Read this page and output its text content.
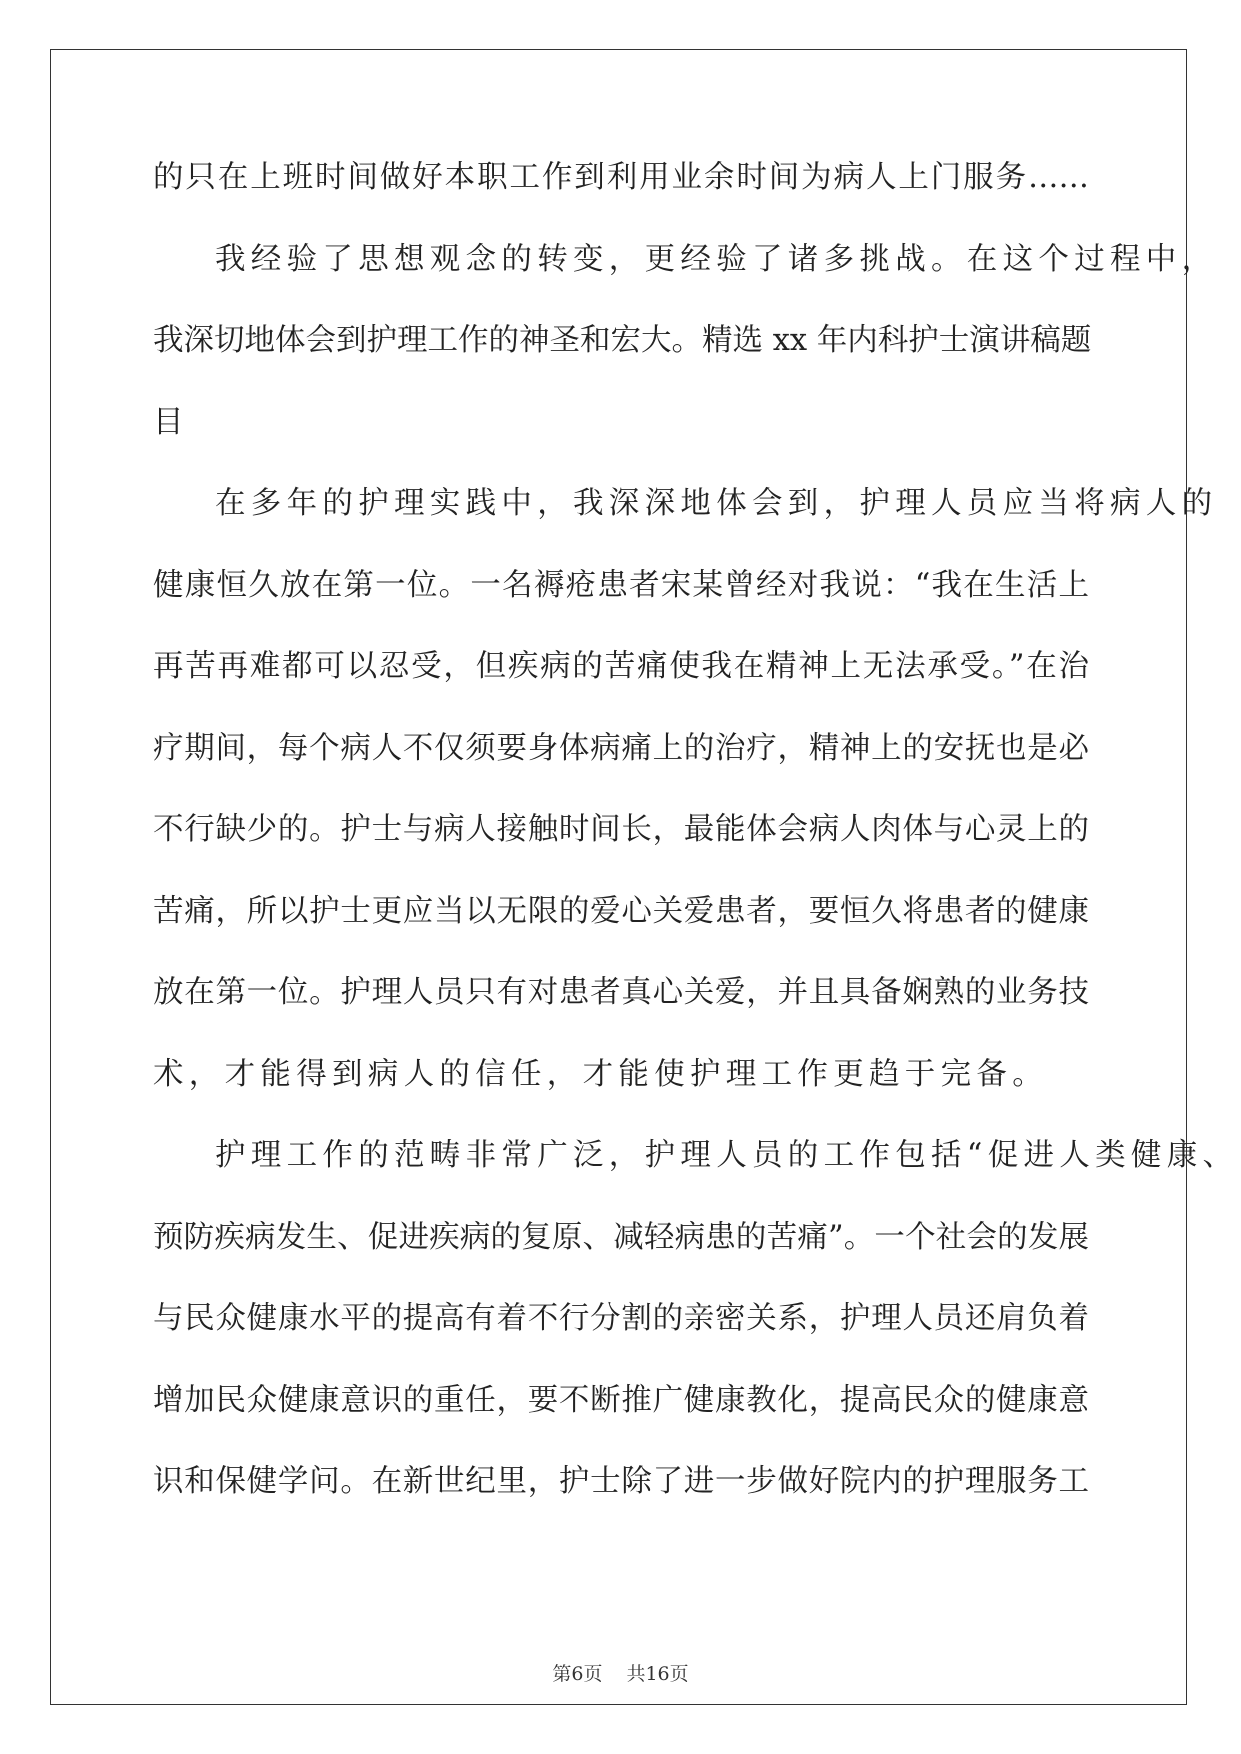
的只在上班时间做好本职工作到利用业余时间为病人上门服务……
我经验了思想观念的转变，更经验了诸多挑战。在这个过程中，
我深切地体会到护理工作的神圣和宏大。精选 xx 年内科护士演讲稿题
目
在多年的护理实践中，我深深地体会到，护理人员应当将病人的
健康恒久放在第一位。一名褥疮患者宋某曾经对我说：“我在生活上
再苦再难都可以忍受，但疾病的苦痛使我在精神上无法承受。”在治
疗期间，每个病人不仅须要身体病痛上的治疗，精神上的安抚也是必
不行缺少的。护士与病人接触时间长，最能体会病人肉体与心灵上的
苦痛，所以护士更应当以无限的爱心关爱患者，要恒久将患者的健康
放在第一位。护理人员只有对患者真心关爱，并且具备娴熟的业务技
术，才能得到病人的信任，才能使护理工作更趋于完备。
护理工作的范畴非常广泛，护理人员的工作包括“促进人类健康、
预防疾病发生、促进疾病的复原、减轻病患的苦痛”。一个社会的发展
与民众健康水平的提高有着不行分割的亲密关系，护理人员还肩负着
增加民众健康意识的重任，要不断推广健康教化，提高民众的健康意
识和保健学问。在新世纪里，护士除了进一步做好院内的护理服务工
第6页 共16页
